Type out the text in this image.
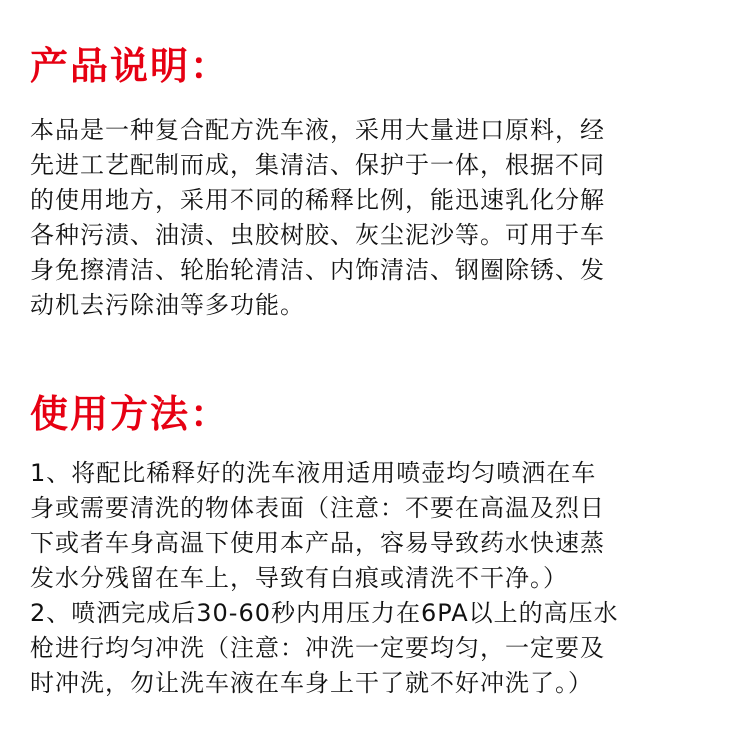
产品说明：
本品是一种复合配方洗车液，采用大量进口原料，经
先进工艺配制而成，集清洁、保护于一体，根据不同
的使用地方，采用不同的稀释比例，能迅速乳化分解
各种污渍、油渍、虫胶树胶、灰尘泥沙等。可用于车
身免擦清洁、轮胎轮清洁、内饰清洁、钢圈除锈、发
动机去污除油等多功能。
使用方法：
1、将配比稀释好的洗车液用适用喷壶均匀喷洒在车
身或需要清洗的物体表面（注意：不要在高温及烈日
下或者车身高温下使用本产品，容易导致药水快速蒸
发水分残留在车上，导致有白痕或清洗不干净。）
2、喷洒完成后30-60秒内用压力在6PA以上的高压水
枪进行均匀冲洗（注意：冲洗一定要均匀，一定要及
时冲洗，勿让洗车液在车身上干了就不好冲洗了。）
